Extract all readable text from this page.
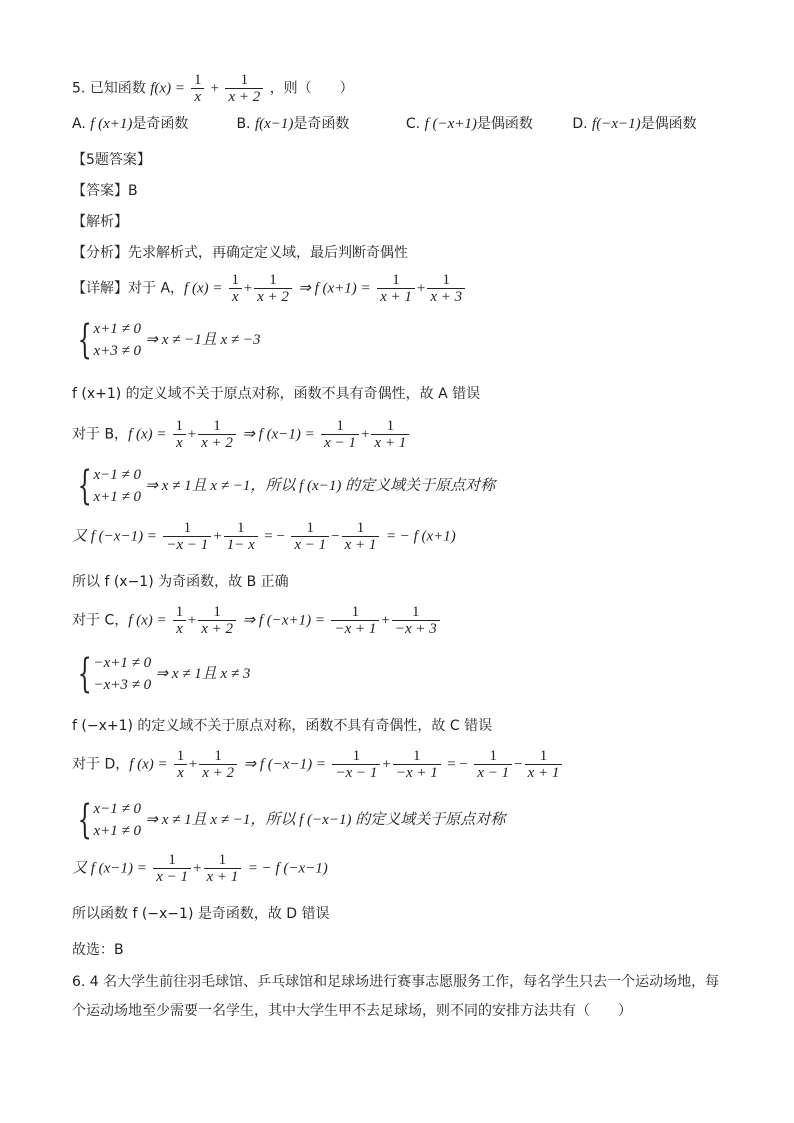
5. 已知函数 $f(x) = \frac{1}{x} + \frac{1}{x + 2}$ ，则（　　）
A. f (x+1)是奇函数	B. f(x−1)是奇函数	C. f (−x+1)是偶函数	D. f(−x−1)是偶函数
【5题答案】
【答案】B
【解析】
【分析】先求解析式，再确定定义域，最后判断奇偶性
【详解】对于 A，f $(x) = \frac{1}{x} + \frac{1}{x + 2}$ ⇒ f $(x+1) = \frac{1}{x + 1} + \frac{1}{x + 3}$
{ x+1 ≠ 0
x+3 ≠ 0
⇒ x ≠ −1且 x ≠ −3
f (x+1) 的定义域不关于原点对称，函数不具有奇偶性，故 A 错误
对于 B，f $(x) = \frac{1}{x} + \frac{1}{x + 2}$ ⇒ f $(x-1) = \frac{1}{x - 1} + \frac{1}{x + 1}$
{ x−1 ≠ 0
x+1 ≠ 0
⇒ x ≠ 1且 x ≠ −1，所以 f (x−1) 的定义域关于原点对称
又 f $(-x-1) = \frac{1}{-x - 1} + \frac{1}{1- x}$ = − $\frac{1}{x - 1} - \frac{1}{x + 1}$ = − f (x+1)
所以 f (x−1) 为奇函数，故 B 正确
对于 C，f $(x) = \frac{1}{x} + \frac{1}{x + 2}$ ⇒ f $(-x+1) = \frac{1}{-x + 1} + \frac{1}{-x + 3}$
{ −x+1 ≠ 0
−x+3 ≠ 0
⇒ x ≠ 1且 x ≠ 3
f (−x+1) 的定义域不关于原点对称，函数不具有奇偶性，故 C 错误
对于 D，f $(x) = \frac{1}{x} + \frac{1}{x + 2}$ ⇒ f $(-x-1) = \frac{1}{-x - 1} + \frac{1}{-x + 1}$ = − $\frac{1}{x - 1} - \frac{1}{x + 1}$
{ x−1 ≠ 0
x+1 ≠ 0
⇒ x ≠ 1且 x ≠ −1，所以 f (−x−1) 的定义域关于原点对称
又 f $(x-1) = \frac{1}{x - 1} + \frac{1}{x + 1}$ = − f (−x−1)
所以函数 f (−x−1) 是奇函数，故 D 错误
故选：B
6. 4 名大学生前往羽毛球馆、乒乓球馆和足球场进行赛事志愿服务工作，每名学生只去一个运动场地，每
个运动场地至少需要一名学生，其中大学生甲不去足球场，则不同的安排方法共有（　　）
